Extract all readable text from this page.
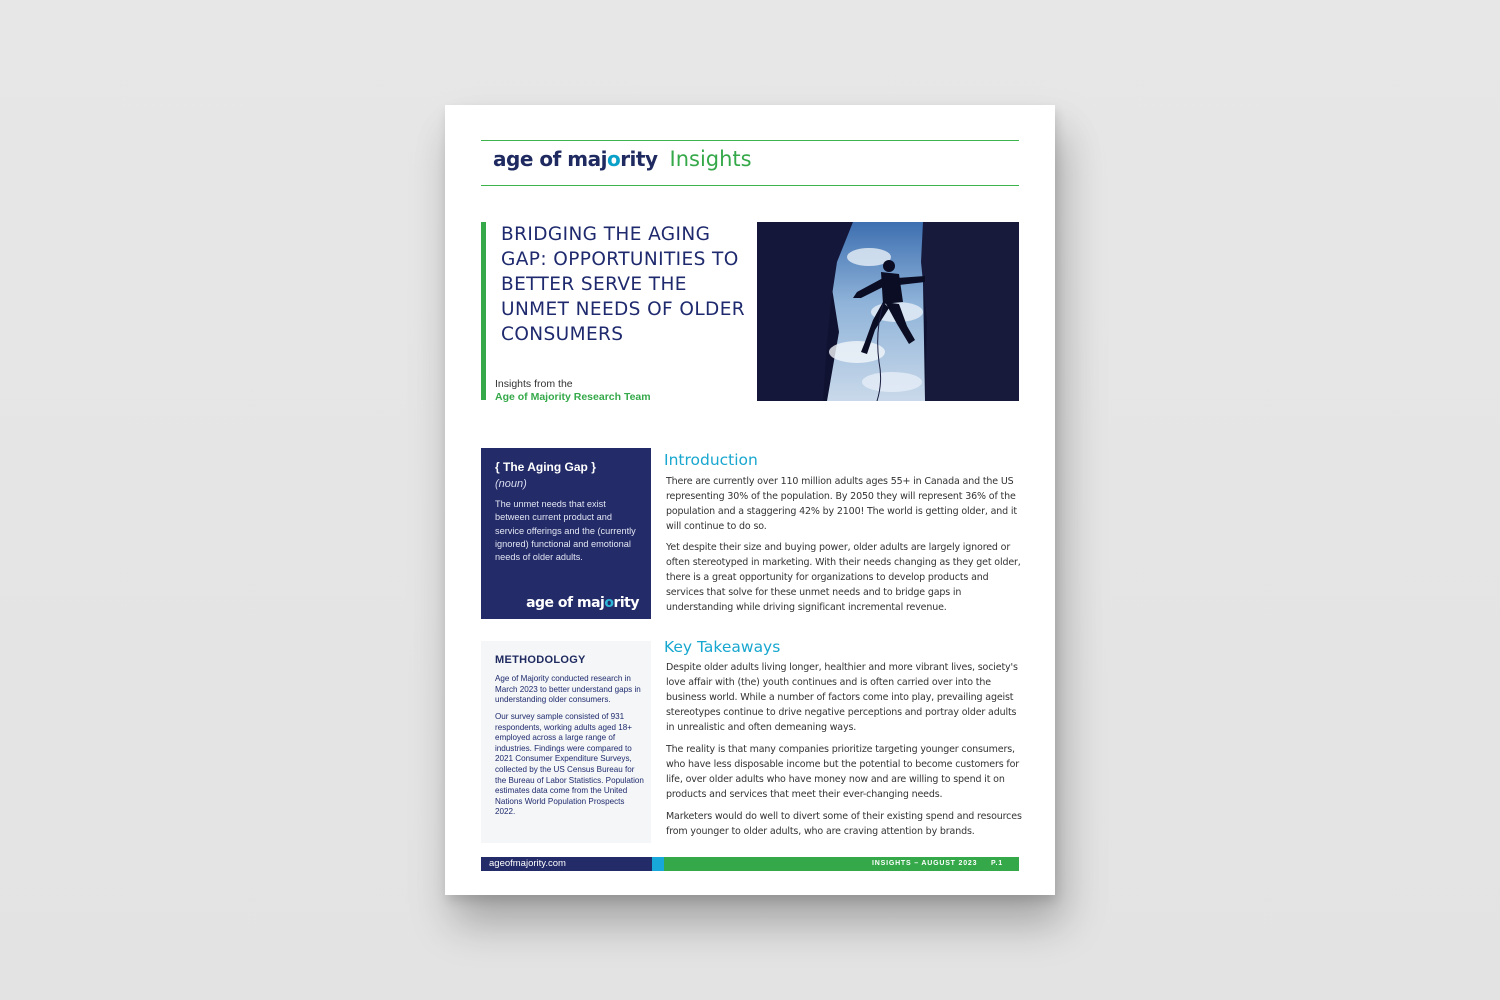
age of majority Insights
BRIDGING THE AGING GAP: OPPORTUNITIES TO BETTER SERVE THE UNMET NEEDS OF OLDER CONSUMERS
Insights from the
Age of Majority Research Team
{ The Aging Gap }
(noun)
The unmet needs that exist between current product and service offerings and the (currently ignored) functional and emotional needs of older adults.
age of majority
METHODOLOGY

Age of Majority conducted research in March 2023 to better understand gaps in understanding older consumers.

Our survey sample consisted of 931 respondents, working adults aged 18+ employed across a large range of industries. Findings were compared to 2021 Consumer Expenditure Surveys, collected by the US Census Bureau for the Bureau of Labor Statistics. Population estimates data come from the United Nations World Population Prospects 2022.

Introduction

There are currently over 110 million adults ages 55+ in Canada and the US representing 30% of the population. By 2050 they will represent 36% of the population and a staggering 42% by 2100! The world is getting older, and it will continue to do so.

Yet despite their size and buying power, older adults are largely ignored or often stereotyped in marketing. With their needs changing as they get older, there is a great opportunity for organizations to develop products and services that solve for these unmet needs and to bridge gaps in understanding while driving significant incremental revenue.

Key Takeaways

Despite older adults living longer, healthier and more vibrant lives, society's love affair with (the) youth continues and is often carried over into the business world. While a number of factors come into play, prevailing ageist stereotypes continue to drive negative perceptions and portray older adults in unrealistic and often demeaning ways.

The reality is that many companies prioritize targeting younger consumers, who have less disposable income but the potential to become customers for life, over older adults who have money now and are willing to spend it on products and services that meet their ever-changing needs.

Marketers would do well to divert some of their existing spend and resources from younger to older adults, who are craving attention by brands.

ageofmajority.com	INSIGHTS – AUGUST 2023     P.1
